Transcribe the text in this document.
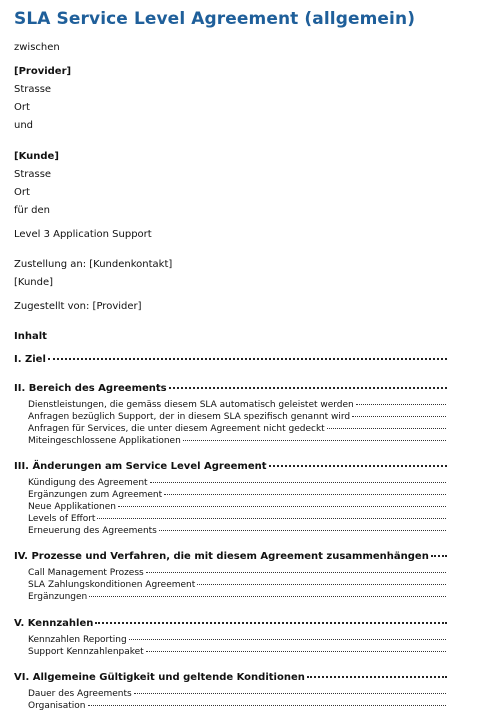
SLA Service Level Agreement (allgemein)
zwischen
[Provider]
Strasse
Ort
und
[Kunde]
Strasse
Ort
für den
Level 3 Application Support
Zustellung an: [Kundenkontakt]
[Kunde]
Zugestellt von: [Provider]
Inhalt
I. Ziel
II. Bereich des Agreements
Dienstleistungen, die gemäss diesem SLA automatisch geleistet werden
Anfragen bezüglich Support, der in diesem SLA spezifisch genannt wird
Anfragen für Services, die unter diesem Agreement nicht gedeckt
Miteingeschlossene Applikationen
III. Änderungen am Service Level Agreement
Kündigung des Agreement
Ergänzungen zum Agreement
Neue Applikationen
Levels of Effort
Erneuerung des Agreements
IV. Prozesse und Verfahren, die mit diesem Agreement zusammenhängen
Call Management Prozess
SLA Zahlungskonditionen Agreement
Ergänzungen
V. Kennzahlen
Kennzahlen Reporting
Support Kennzahlenpaket
VI. Allgemeine Gültigkeit und geltende Konditionen
Dauer des Agreements
Organisation
